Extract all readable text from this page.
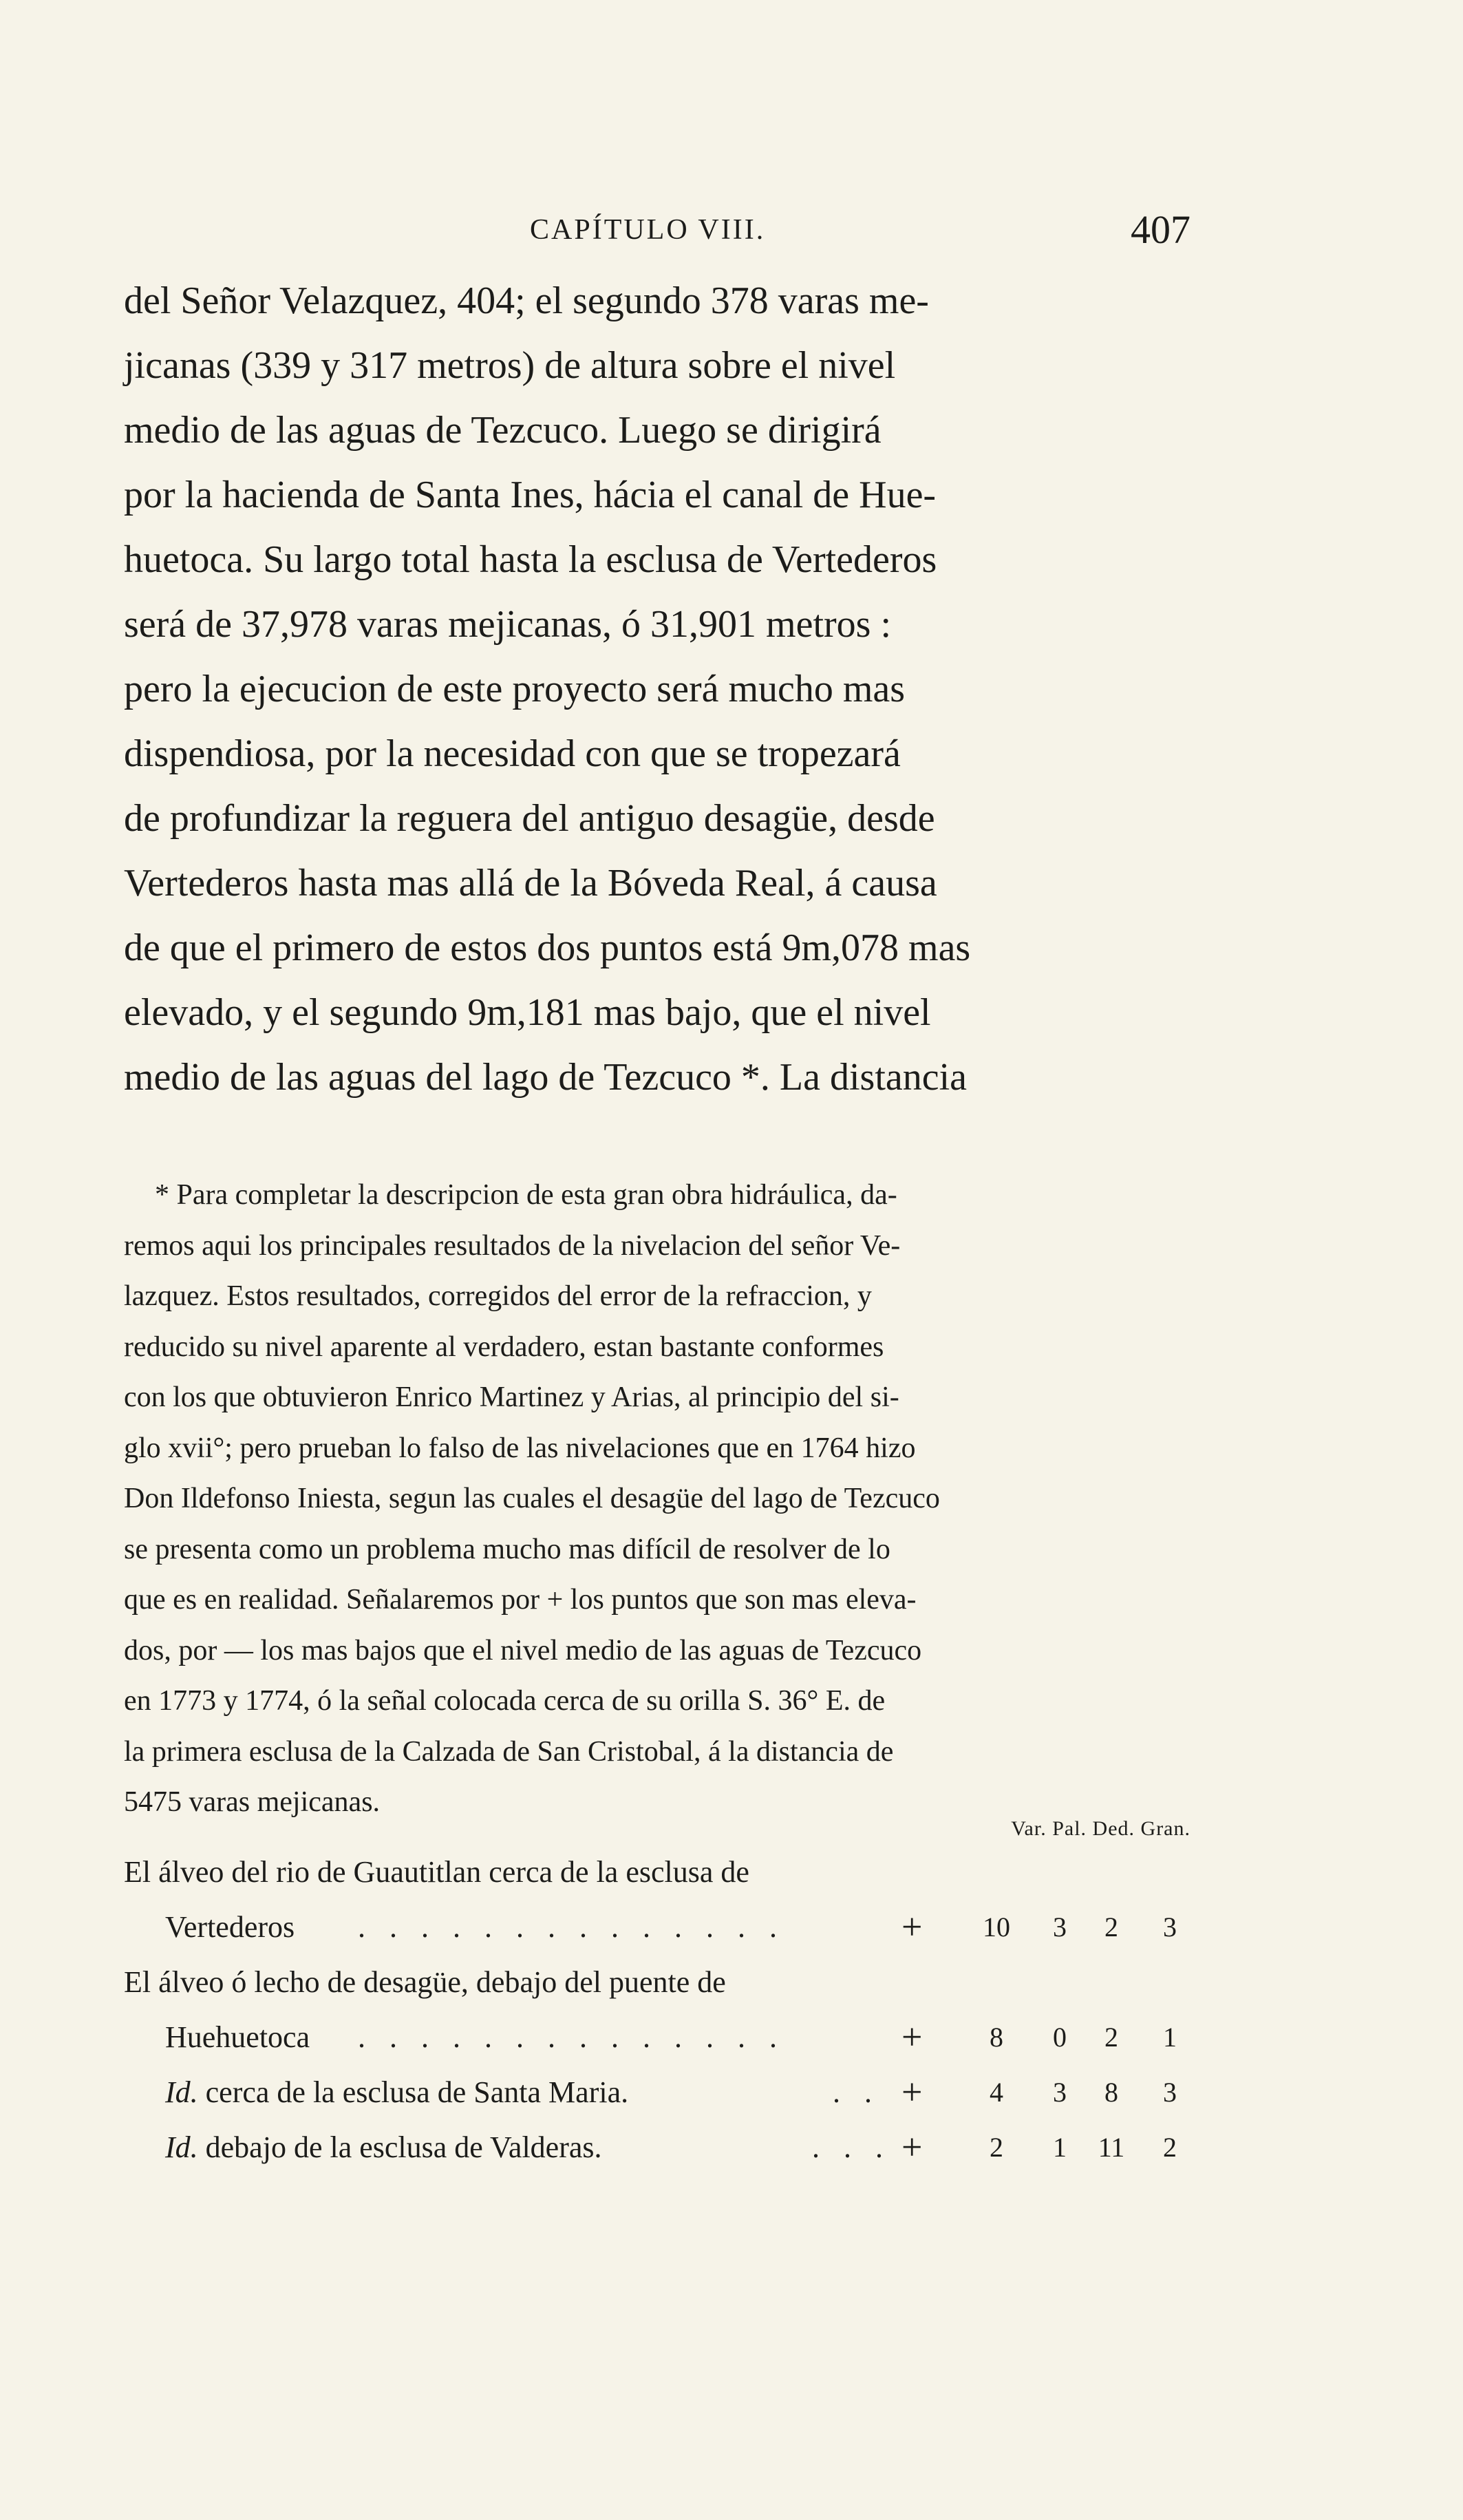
CAPÍTULO VIII.	407
del Señor Velazquez, 404; el segundo 378 varas me-
jicanas (339 y 317 metros) de altura sobre el nivel
medio de las aguas de Tezcuco. Luego se dirigirá
por la hacienda de Santa Ines, hácia el canal de Hue-
huetoca. Su largo total hasta la esclusa de Vertederos
será de 37,978 varas mejicanas, ó 31,901 metros :
pero la ejecucion de este proyecto será mucho mas
dispendiosa, por la necesidad con que se tropezará
de profundizar la reguera del antiguo desagüe, desde
Vertederos hasta mas allá de la Bóveda Real, á causa
de que el primero de estos dos puntos está 9m,078 mas
elevado, y el segundo 9m,181 mas bajo, que el nivel
medio de las aguas del lago de Tezcuco *. La distancia
* Para completar la descripcion de esta gran obra hidráulica, da-
remos aqui los principales resultados de la nivelacion del señor Ve-
lazquez. Estos resultados, corregidos del error de la refraccion, y
reducido su nivel aparente al verdadero, estan bastante conformes
con los que obtuvieron Enrico Martinez y Arias, al principio del si-
glo xvii°; pero prueban lo falso de las nivelaciones que en 1764 hizo
Don Ildefonso Iniesta, segun las cuales el desagüe del lago de Tezcuco
se presenta como un problema mucho mas difícil de resolver de lo
que es en realidad. Señalaremos por + los puntos que son mas eleva-
dos, por — los mas bajos que el nivel medio de las aguas de Tezcuco
en 1773 y 1774, ó la señal colocada cerca de su orilla S. 36° E. de
la primera esclusa de la Calzada de San Cristobal, á la distancia de
5475 varas mejicanas.
Var. Pal. Ded. Gran.
El álveo del rio de Guautitlan cerca de la esclusa de
Vertederos . . . . . . . . . . . . . .	+ 10	3	2	3
El álveo ó lecho de desagüe, debajo del puente de
Huehuetoca . . . . . . . . . . . . . .	+	8	0	2	1
Id. cerca de la esclusa de Santa Maria.	. . +	4	3	8	3
Id. debajo de la esclusa de Valderas.	. . . +	2	1	11	2
